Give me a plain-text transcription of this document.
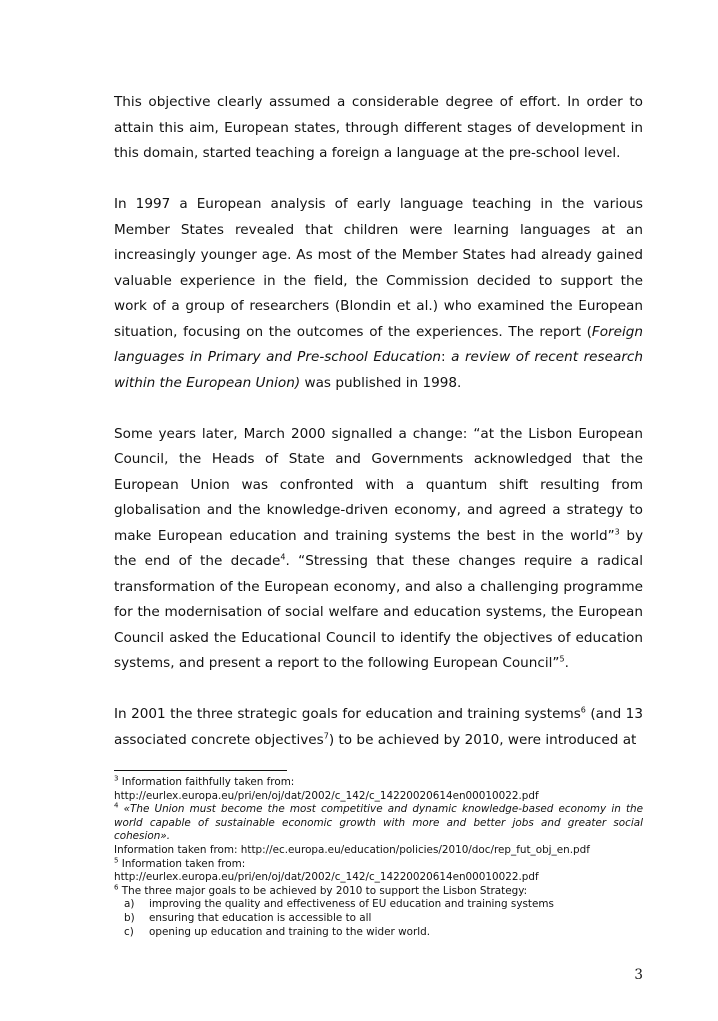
This objective clearly assumed a considerable degree of effort. In order to attain this aim, European states, through different stages of development in this domain, started teaching a foreign a language at the pre-school level.

In 1997 a European analysis of early language teaching in the various Member States revealed that children were learning languages at an increasingly younger age. As most of the Member States had already gained valuable experience in the field, the Commission decided to support the work of a group of researchers (Blondin et al.) who examined the European situation, focusing on the outcomes of the experiences. The report (Foreign languages in Primary and Pre-school Education: a review of recent research within the European Union) was published in 1998.

Some years later, March 2000 signalled a change: “at the Lisbon European Council, the Heads of State and Governments acknowledged that the European Union was confronted with a quantum shift resulting from globalisation and the knowledge-driven economy, and agreed a strategy to make European education and training systems the best in the world”$^3$ by the end of the decade$^4$. “Stressing that these changes require a radical transformation of the European economy, and also a challenging programme for the modernisation of social welfare and education systems, the European Council asked the Educational Council to identify the objectives of education systems, and present a report to the following European Council”$^5$.

In 2001 the three strategic goals for education and training systems$^6$ (and 13 associated concrete objectives$^7$) to be achieved by 2010, were introduced at

$^3$ Information faithfully taken from:
http://eurlex.europa.eu/pri/en/oj/dat/2002/c_142/c_14220020614en00010022.pdf

$^4$ «The Union must become the most competitive and dynamic knowledge-based economy in the world capable of sustainable economic growth with more and better jobs and greater social cohesion».
Information taken from: http://ec.europa.eu/education/policies/2010/doc/rep_fut_obj_en.pdf

$^5$ Information taken from:
http://eurlex.europa.eu/pri/en/oj/dat/2002/c_142/c_14220020614en00010022.pdf

$^6$ The three major goals to be achieved by 2010 to support the Lisbon Strategy:

a)	improving the quality and effectiveness of EU education and training systems
b)	ensuring that education is accessible to all
c)	opening up education and training to the wider world.
3
